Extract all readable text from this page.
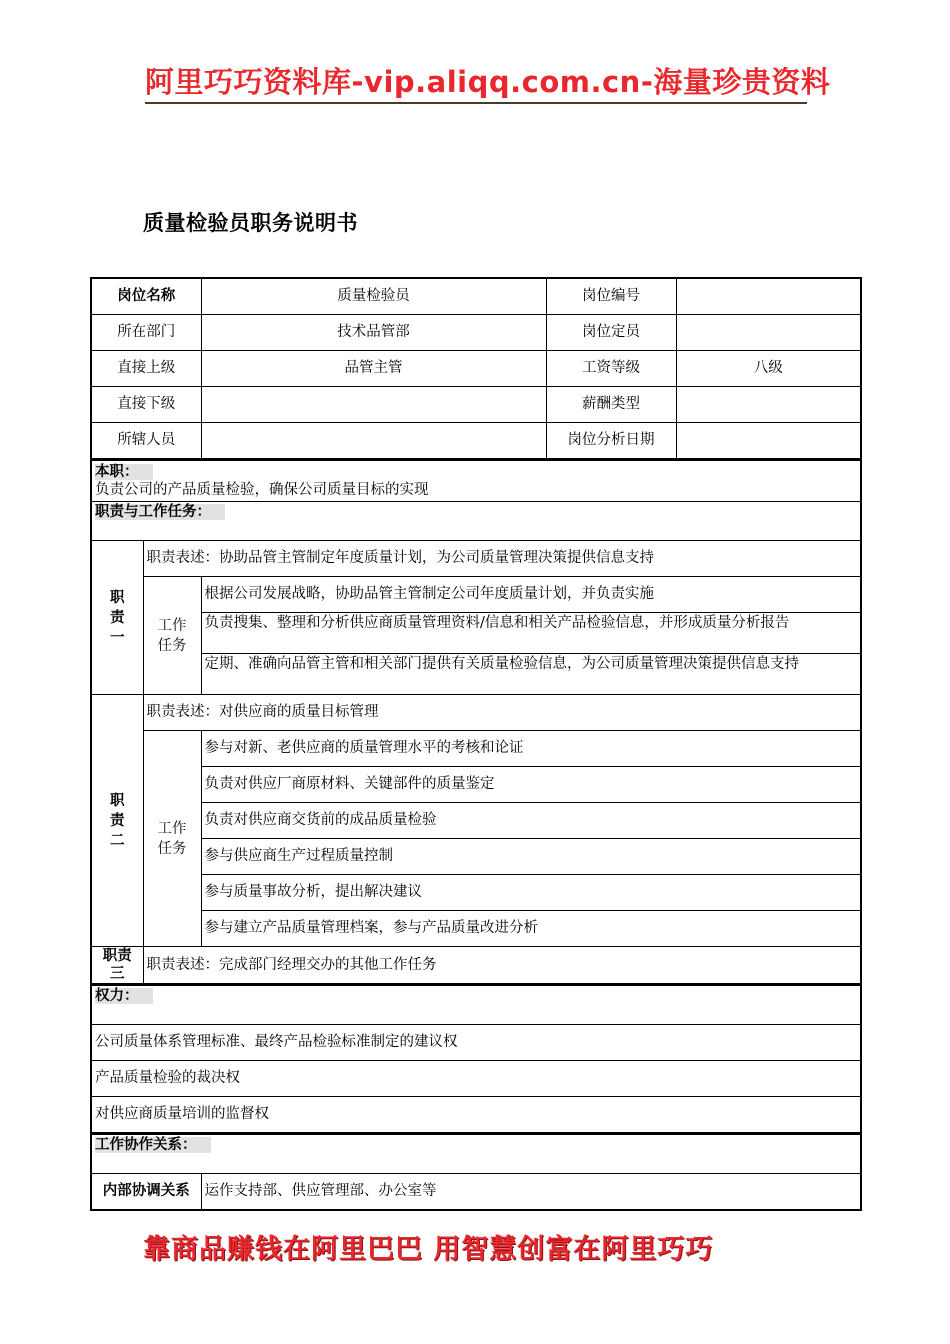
阿里巧巧资料库-vip.aliqq.com.cn-海量珍贵资料
质量检验员职务说明书
岗位名称	质量检验员	岗位编号	
所在部门	技术品管部	岗位定员	
直接上级	品管主管	工资等级	八级
直接下级		薪酬类型	
所辖人员		岗位分析日期	
本职：
负责公司的产品质量检验，确保公司质量目标的实现		
职责与工作任务：		

职
责
一	职责表述：协助品管主管制定年度质量计划，为公司质量管理决策提供信息支持	
	工作
任务	根据公司发展战略，协助品管主管制定公司年度质量计划，并负责实施
		负责搜集、整理和分析供应商质量管理资料/信息和相关产品检验信息，并形成质量分析报告
		定期、准确向品管主管和相关部门提供有关质量检验信息，为公司质量管理决策提供信息支持

职
责
二	职责表述：对供应商的质量目标管理	
	工作
任务	参与对新、老供应商的质量管理水平的考核和论证
		负责对供应厂商原材料、关键部件的质量鉴定
		负责对供应商交货前的成品质量检验
		参与供应商生产过程质量控制
		参与质量事故分析，提出解决建议
		参与建立产品质量管理档案，参与产品质量改进分析

职责
三	职责表述：完成部门经理交办的其他工作任务	
权力：
公司质量体系管理标准、最终产品检验标准制定的建议权
产品质量检验的裁决权
对供应商质量培训的监督权
工作协作关系：
内部协调关系	运作支持部、供应管理部、办公室等
靠商品赚钱在阿里巴巴 用智慧创富在阿里巧巧
